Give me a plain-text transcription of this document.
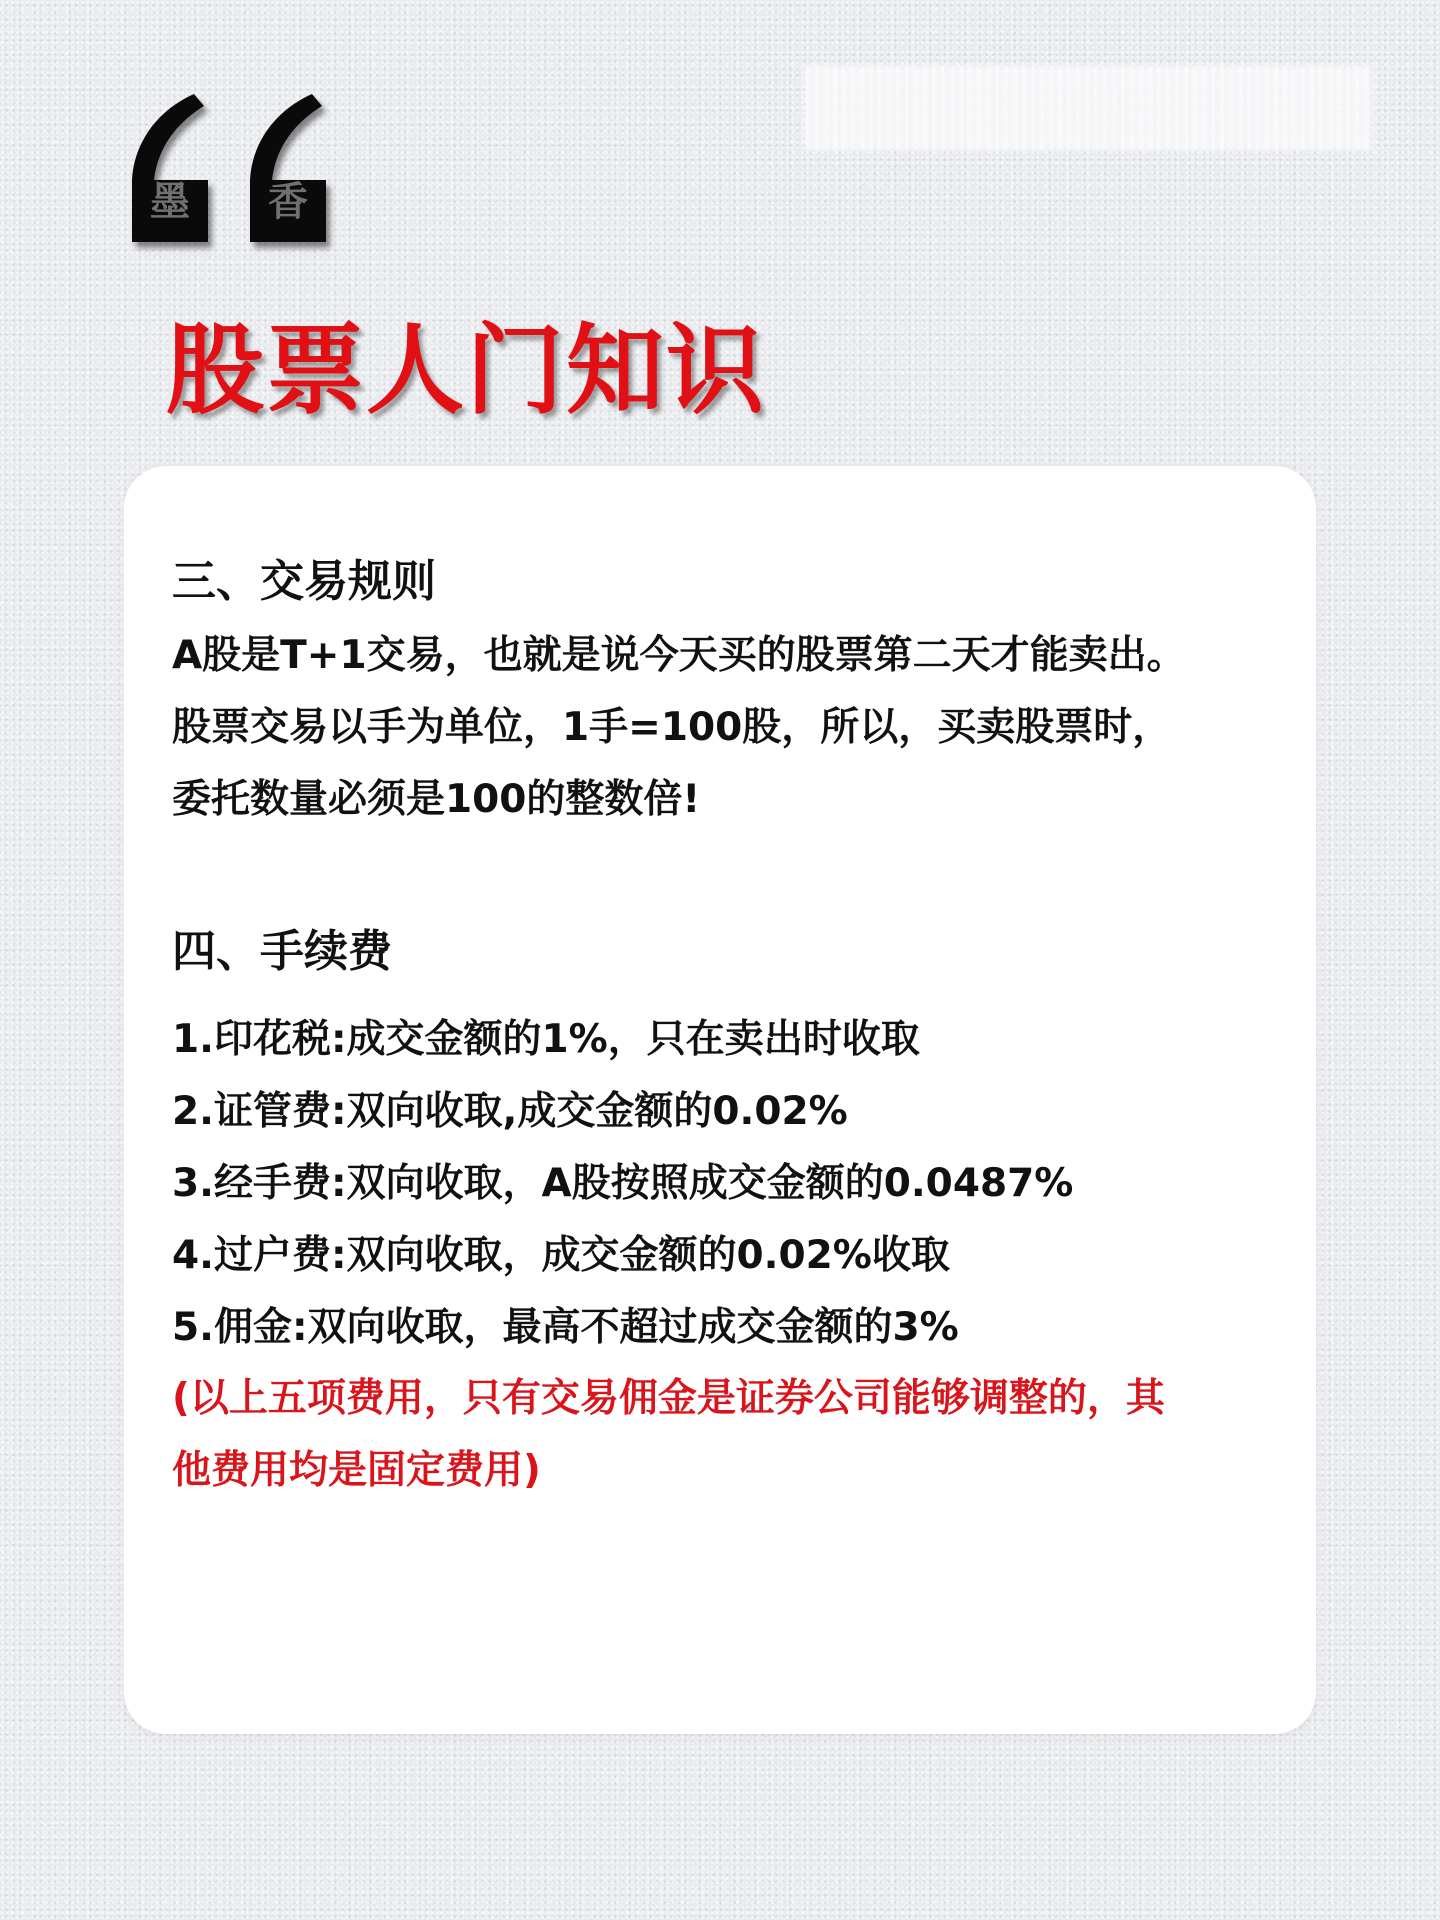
墨 香
股票人门知识
三、交易规则

A股是T+1交易，也就是说今天买的股票第二天才能卖出。

股票交易以手为单位，1手=100股，所以，买卖股票时，

委托数量必须是100的整数倍!

四、手续费

1.印花税:成交金额的1%，只在卖出时收取

2.证管费:双向收取,成交金额的0.02%

3.经手费:双向收取，A股按照成交金额的0.0487%

4.过户费:双向收取，成交金额的0.02%收取

5.佣金:双向收取，最高不超过成交金额的3%

(以上五项费用，只有交易佣金是证券公司能够调整的，其

他费用均是固定费用)
